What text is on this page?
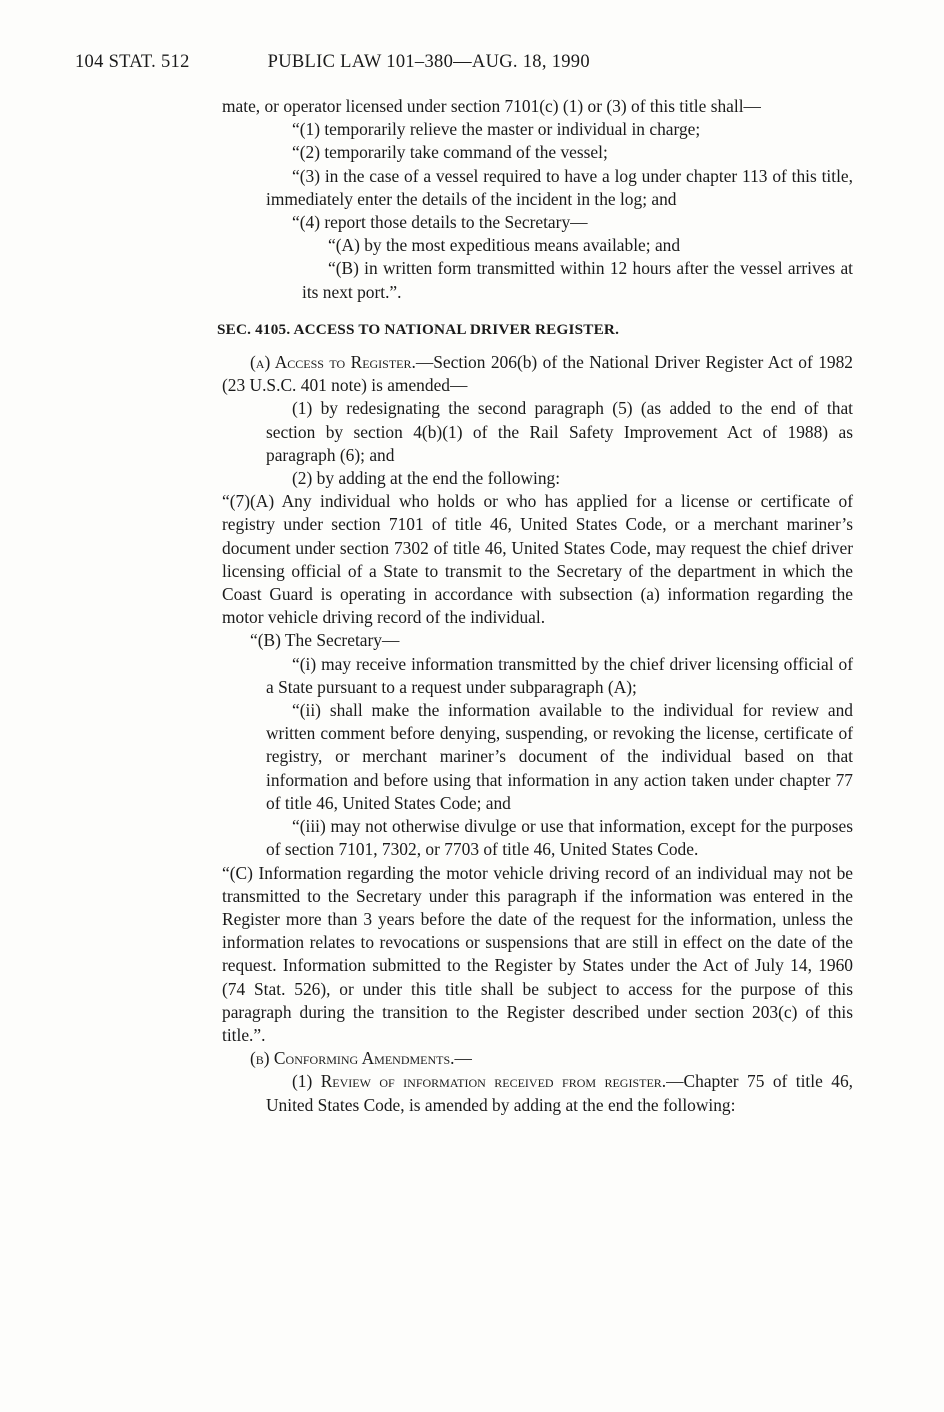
104 STAT. 512	PUBLIC LAW 101–380—AUG. 18, 1990

mate, or operator licensed under section 7101(c) (1) or (3) of this title shall—

“(1) temporarily relieve the master or individual in charge;

“(2) temporarily take command of the vessel;

“(3) in the case of a vessel required to have a log under chapter 113 of this title, immediately enter the details of the incident in the log; and

“(4) report those details to the Secretary—

“(A) by the most expeditious means available; and

“(B) in written form transmitted within 12 hours after the vessel arrives at its next port.”.

SEC. 4105. ACCESS TO NATIONAL DRIVER REGISTER.

(a) Access to Register.—Section 206(b) of the National Driver Register Act of 1982 (23 U.S.C. 401 note) is amended—

(1) by redesignating the second paragraph (5) (as added to the end of that section by section 4(b)(1) of the Rail Safety Improvement Act of 1988) as paragraph (6); and

(2) by adding at the end the following:

“(7)(A) Any individual who holds or who has applied for a license or certificate of registry under section 7101 of title 46, United States Code, or a merchant mariner’s document under section 7302 of title 46, United States Code, may request the chief driver licensing official of a State to transmit to the Secretary of the department in which the Coast Guard is operating in accordance with subsection (a) information regarding the motor vehicle driving record of the individual.

“(B) The Secretary—

“(i) may receive information transmitted by the chief driver licensing official of a State pursuant to a request under subparagraph (A);

“(ii) shall make the information available to the individual for review and written comment before denying, suspending, or revoking the license, certificate of registry, or merchant mariner’s document of the individual based on that information and before using that information in any action taken under chapter 77 of title 46, United States Code; and

“(iii) may not otherwise divulge or use that information, except for the purposes of section 7101, 7302, or 7703 of title 46, United States Code.

“(C) Information regarding the motor vehicle driving record of an individual may not be transmitted to the Secretary under this paragraph if the information was entered in the Register more than 3 years before the date of the request for the information, unless the information relates to revocations or suspensions that are still in effect on the date of the request. Information submitted to the Register by States under the Act of July 14, 1960 (74 Stat. 526), or under this title shall be subject to access for the purpose of this paragraph during the transition to the Register described under section 203(c) of this title.”.

(b) Conforming Amendments.—

(1) Review of information received from register.—Chapter 75 of title 46, United States Code, is amended by adding at the end the following:
